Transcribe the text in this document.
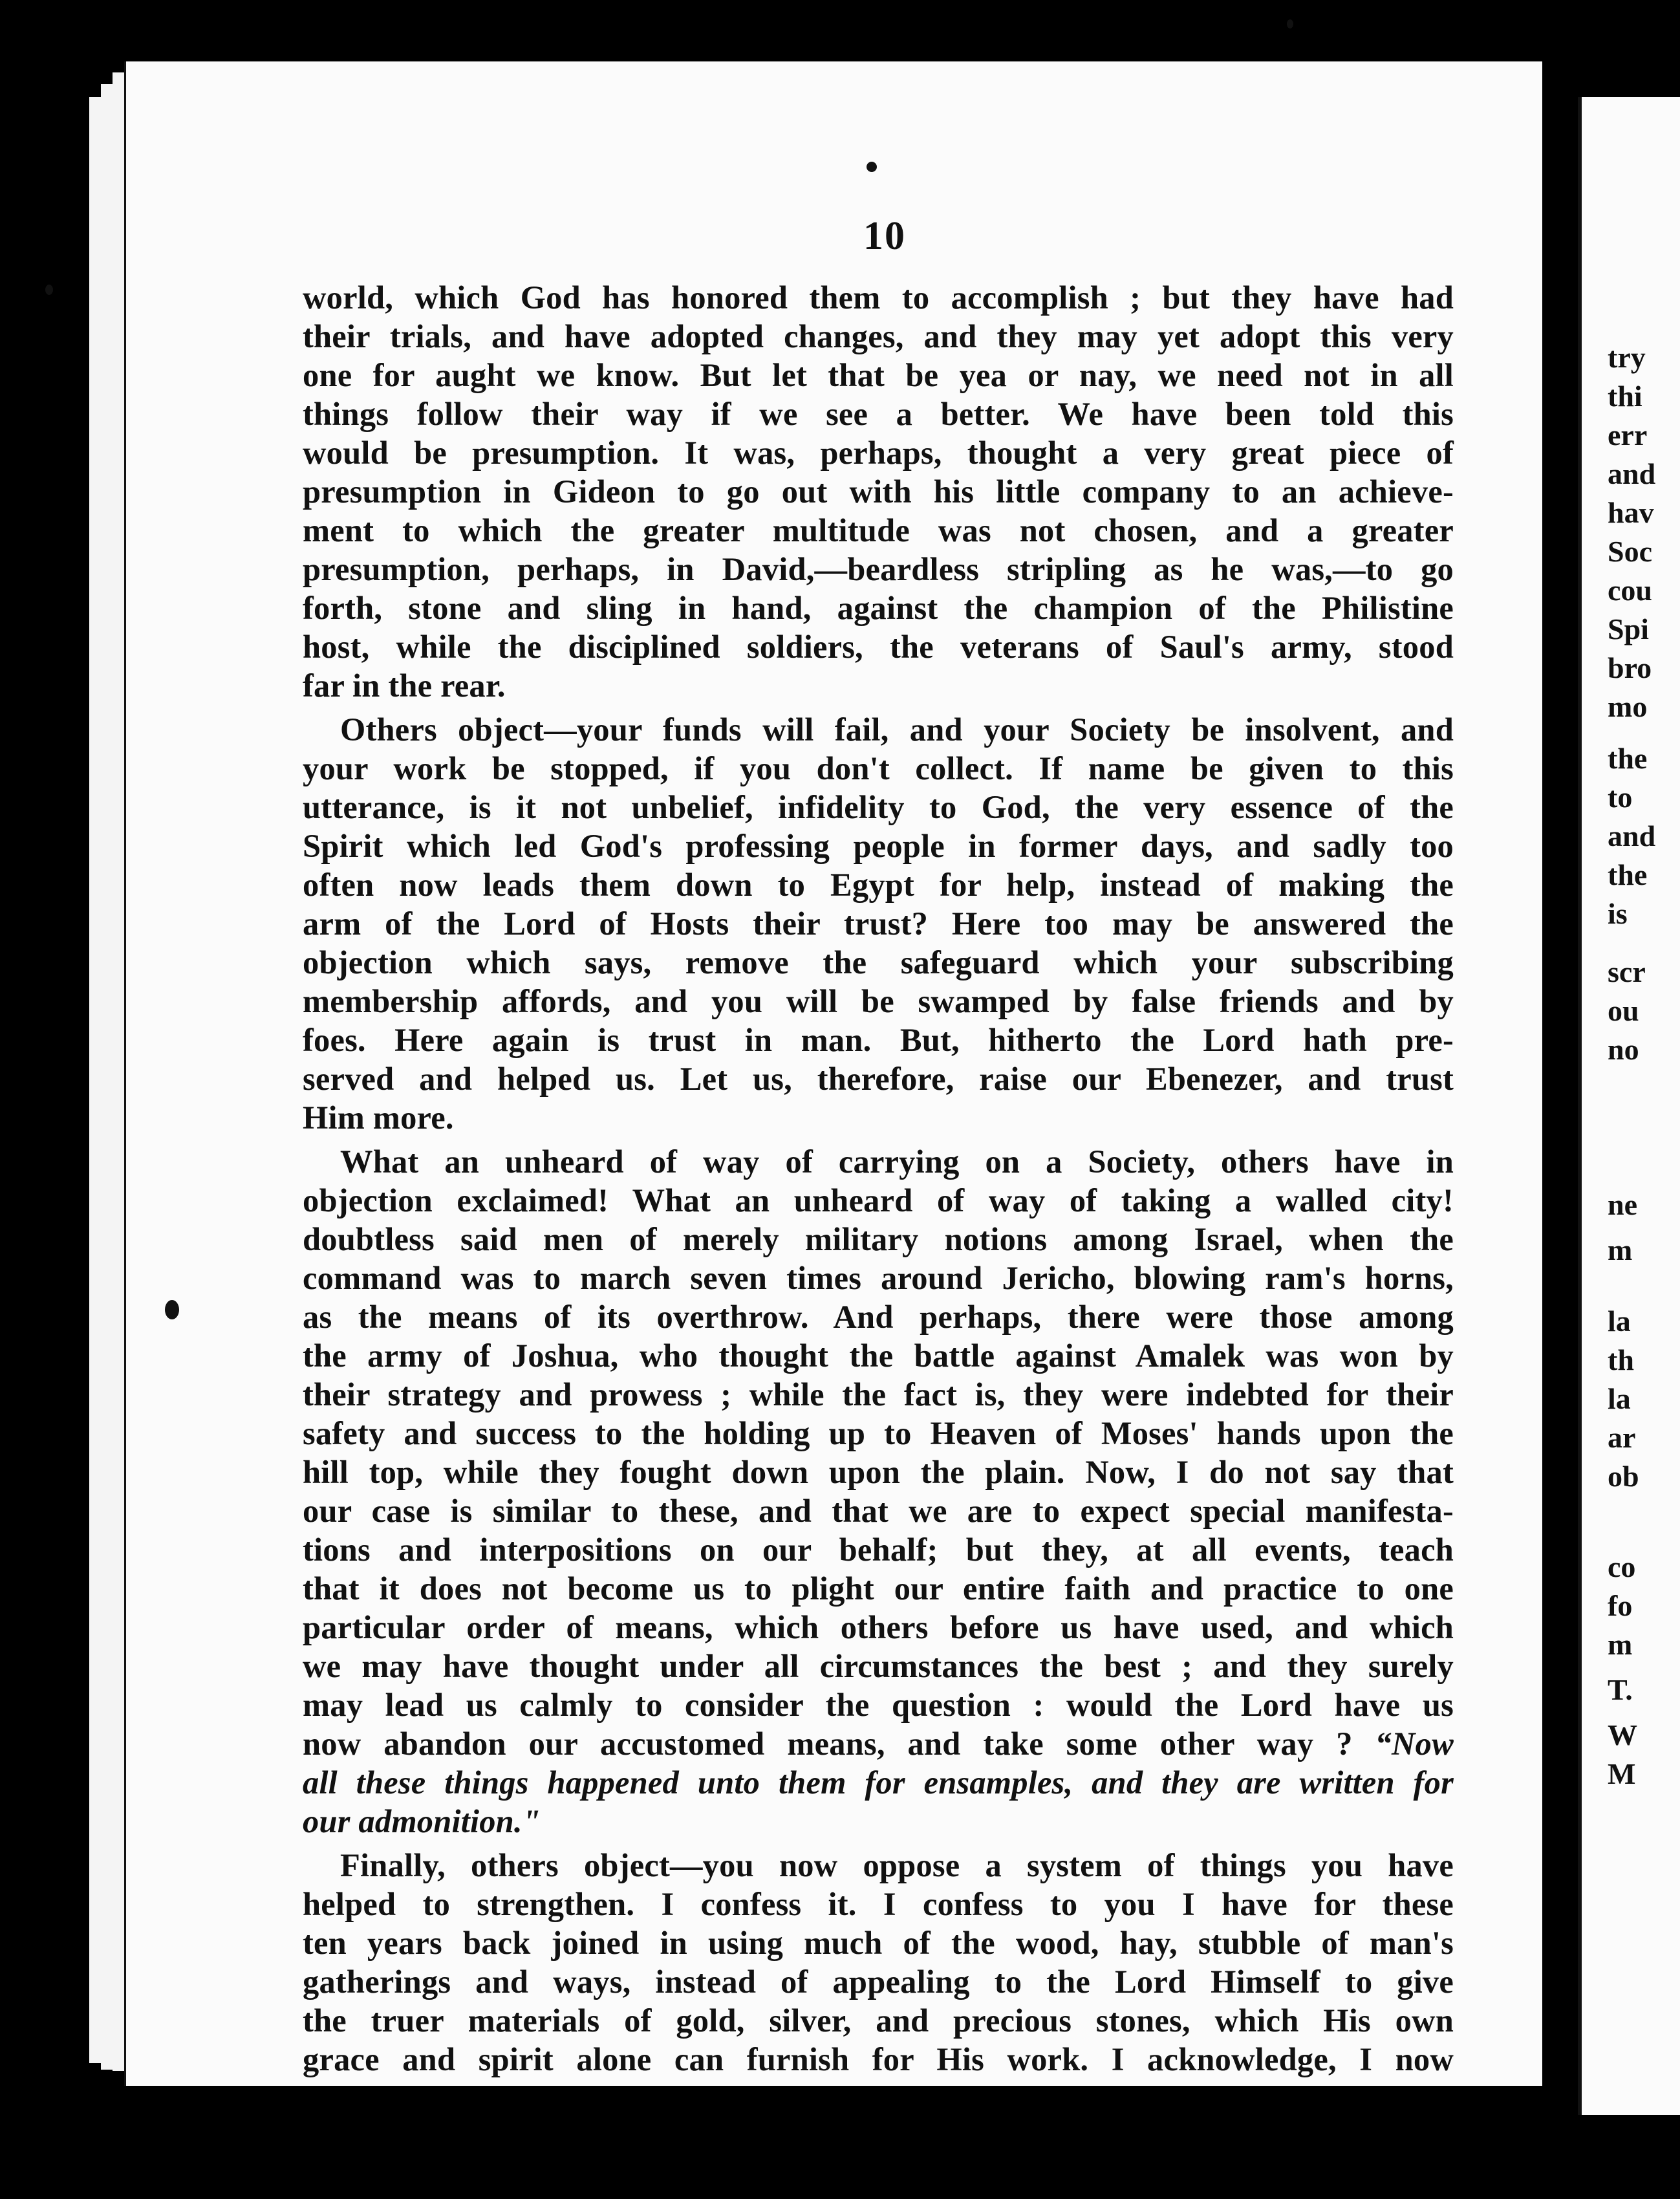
10

world, which God has honored them to accomplish ; but they have had
their trials, and have adopted changes, and they may yet adopt this very
one for aught we know. But let that be yea or nay, we need not in all
things follow their way if we see a better. We have been told this
would be presumption. It was, perhaps, thought a very great piece of
presumption in Gideon to go out with his little company to an achieve-
ment to which the greater multitude was not chosen, and a greater
presumption, perhaps, in David,—beardless stripling as he was,—to go
forth, stone and sling in hand, against the champion of the Philistine
host, while the disciplined soldiers, the veterans of Saul's army, stood
far in the rear.

Others object—your funds will fail, and your Society be insolvent, and
your work be stopped, if you don't collect. If name be given to this
utterance, is it not unbelief, infidelity to God, the very essence of the
Spirit which led God's professing people in former days, and sadly too
often now leads them down to Egypt for help, instead of making the
arm of the Lord of Hosts their trust? Here too may be answered the
objection which says, remove the safeguard which your subscribing
membership affords, and you will be swamped by false friends and by
foes. Here again is trust in man. But, hitherto the Lord hath pre-
served and helped us. Let us, therefore, raise our Ebenezer, and trust
Him more.

What an unheard of way of carrying on a Society, others have in
objection exclaimed! What an unheard of way of taking a walled city!
doubtless said men of merely military notions among Israel, when the
command was to march seven times around Jericho, blowing ram's horns,
as the means of its overthrow. And perhaps, there were those among
the army of Joshua, who thought the battle against Amalek was won by
their strategy and prowess ; while the fact is, they were indebted for their
safety and success to the holding up to Heaven of Moses' hands upon the
hill top, while they fought down upon the plain. Now, I do not say that
our case is similar to these, and that we are to expect special manifesta-
tions and interpositions on our behalf; but they, at all events, teach
that it does not become us to plight our entire faith and practice to one
particular order of means, which others before us have used, and which
we may have thought under all circumstances the best ; and they surely
may lead us calmly to consider the question : would the Lord have us
now abandon our accustomed means, and take some other way ? “Now
all these things happened unto them for ensamples, and they are written for
our admonition."

Finally, others object—you now oppose a system of things you have
helped to strengthen. I confess it. I confess to you I have for these
ten years back joined in using much of the wood, hay, stubble of man's
gatherings and ways, instead of appealing to the Lord Himself to give
the truer materials of gold, silver, and precious stones, which His own
grace and spirit alone can furnish for His work. I acknowledge, I now

try
thi
err
and
hav
Soc
cou
Spi
bro
mo
the
to
and
the
is
scr
ou
no
ne
m
la
th
la
ar
ob
co
fo
m
T.
W
M
